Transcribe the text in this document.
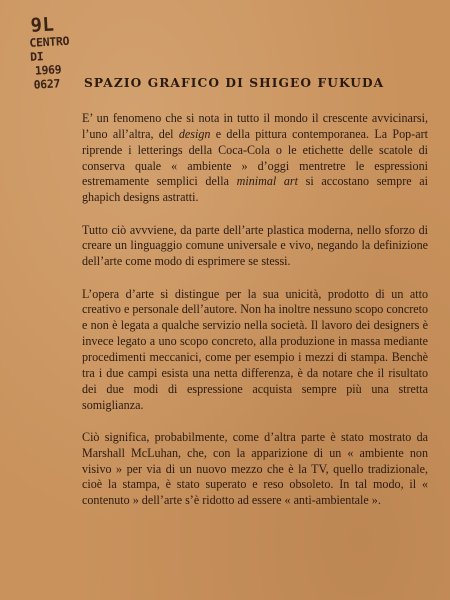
9L
CENTRO DI
1969
0627	SPAZIO GRAFICO DI SHIGEO FUKUDA

E’ un fenomeno che si nota in tutto il mondo il crescente avvicinarsi, l’uno all’altra, del design e della pittura contemporanea. La Pop-art riprende i letterings della Coca-Cola o le etichette delle scatole di conserva quale « ambiente » d’oggi mentretre le espressioni estremamente semplici della minimal art si accostano sempre ai ghapich designs astratti.

Tutto ciò avvviene, da parte dell’arte plastica moderna, nello sforzo di creare un linguaggio comune universale e vivo, negando la definizione dell’arte come modo di esprimere se stessi.

L’opera d’arte si distingue per la sua unicità, prodotto di un atto creativo e personale dell’autore. Non ha inoltre nessuno scopo concreto e non è legata a qualche servizio nella società. Il lavoro dei designers è invece legato a uno scopo concreto, alla produzione in massa mediante procedimenti meccanici, come per esempio i mezzi di stampa. Benchè tra i due campi esista una netta differenza, è da notare che il risultato dei due modi di espressione acquista sempre più una stretta somiglianza.

Ciò significa, probabilmente, come d’altra parte è stato mostrato da Marshall McLuhan, che, con la apparizione di un « ambiente non visivo » per via di un nuovo mezzo che è la TV, quello tradizionale, cioè la stampa, è stato superato e reso obsoleto. In tal modo, il « contenuto » dell’arte s’è ridotto ad essere « anti-ambientale ».
